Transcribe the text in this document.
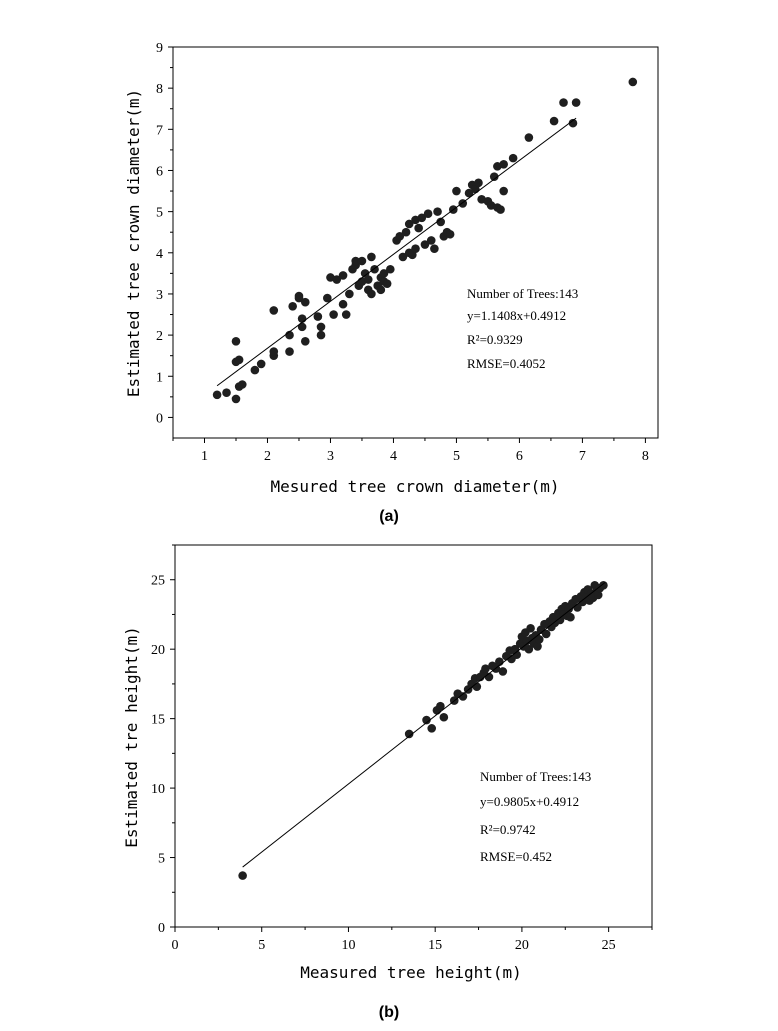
1	2	3	4	5	6	7	8
0
1
2
3
4
5
6
7
8
9
Mesured tree crown diameter(m)
Estimated tree crown diameter(m)	Number of Trees:143
y=1.1408x+0.4912
R²=0.9329
RMSE=0.4052
(a)
0	5	10	15	20	25
0
5
10
15
20
25
Measured tree height(m)
Estimated tre height(m)	Number of Trees:143
y=0.9805x+0.4912
R²=0.9742
RMSE=0.452
(b)
